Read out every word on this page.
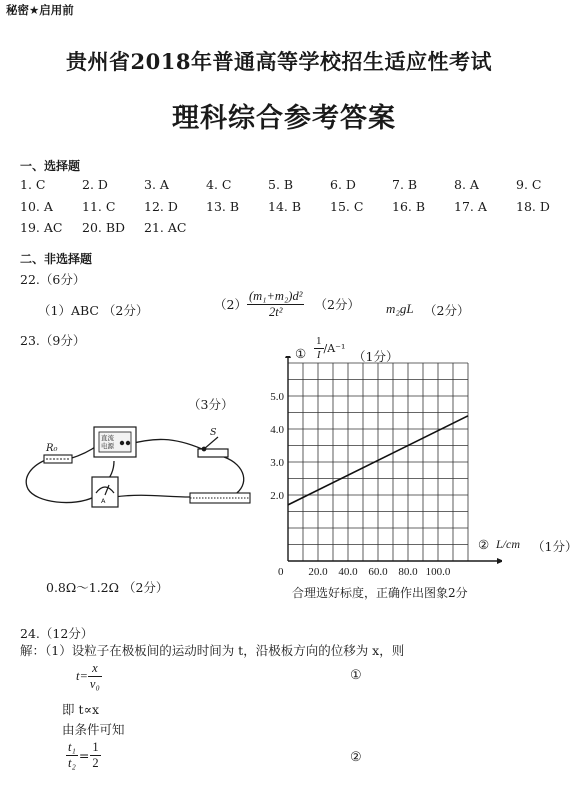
秘密★启用前
贵州省2018年普通高等学校招生适应性考试
理科综合参考答案
一、选择题
1. C	2. D	3. A	4. C	5. B	6. D	7. B	8. A	9. C
10. A	11. C	12. D	13. B	14. B	15. C	16. B	17. A	18. D
19. AC	20. BD	21. AC
二、非选择题
22.（6分）
（1）ABC （2分）	$(2) \frac{\text{(m₁+m₂)d²}}{\text{2t²}} (2$分） m₂gL （2分）
23.（9分）
（3分）
R₀
直流
电源
S
A
0.8Ω～1.2Ω （2分）
① $\frac{1}{I} /A^{-1}$
（1分）
② L/cm （1分）
合理选好标度，正确作出图象2分
2.0
3.0
4.0
5.0
20.0 40.0 60.0 80.0 100.0
0
24.（12分）
解：（1）设粒子在极板间的运动时间为 t，沿极板方向的位移为 x，则
$t= \frac{x}{\text{v₀}}$	①
即 t∝x
由条件可知
$\frac{\text{t₁}}{\text{t₂}} = \frac{1}{2}$	②
